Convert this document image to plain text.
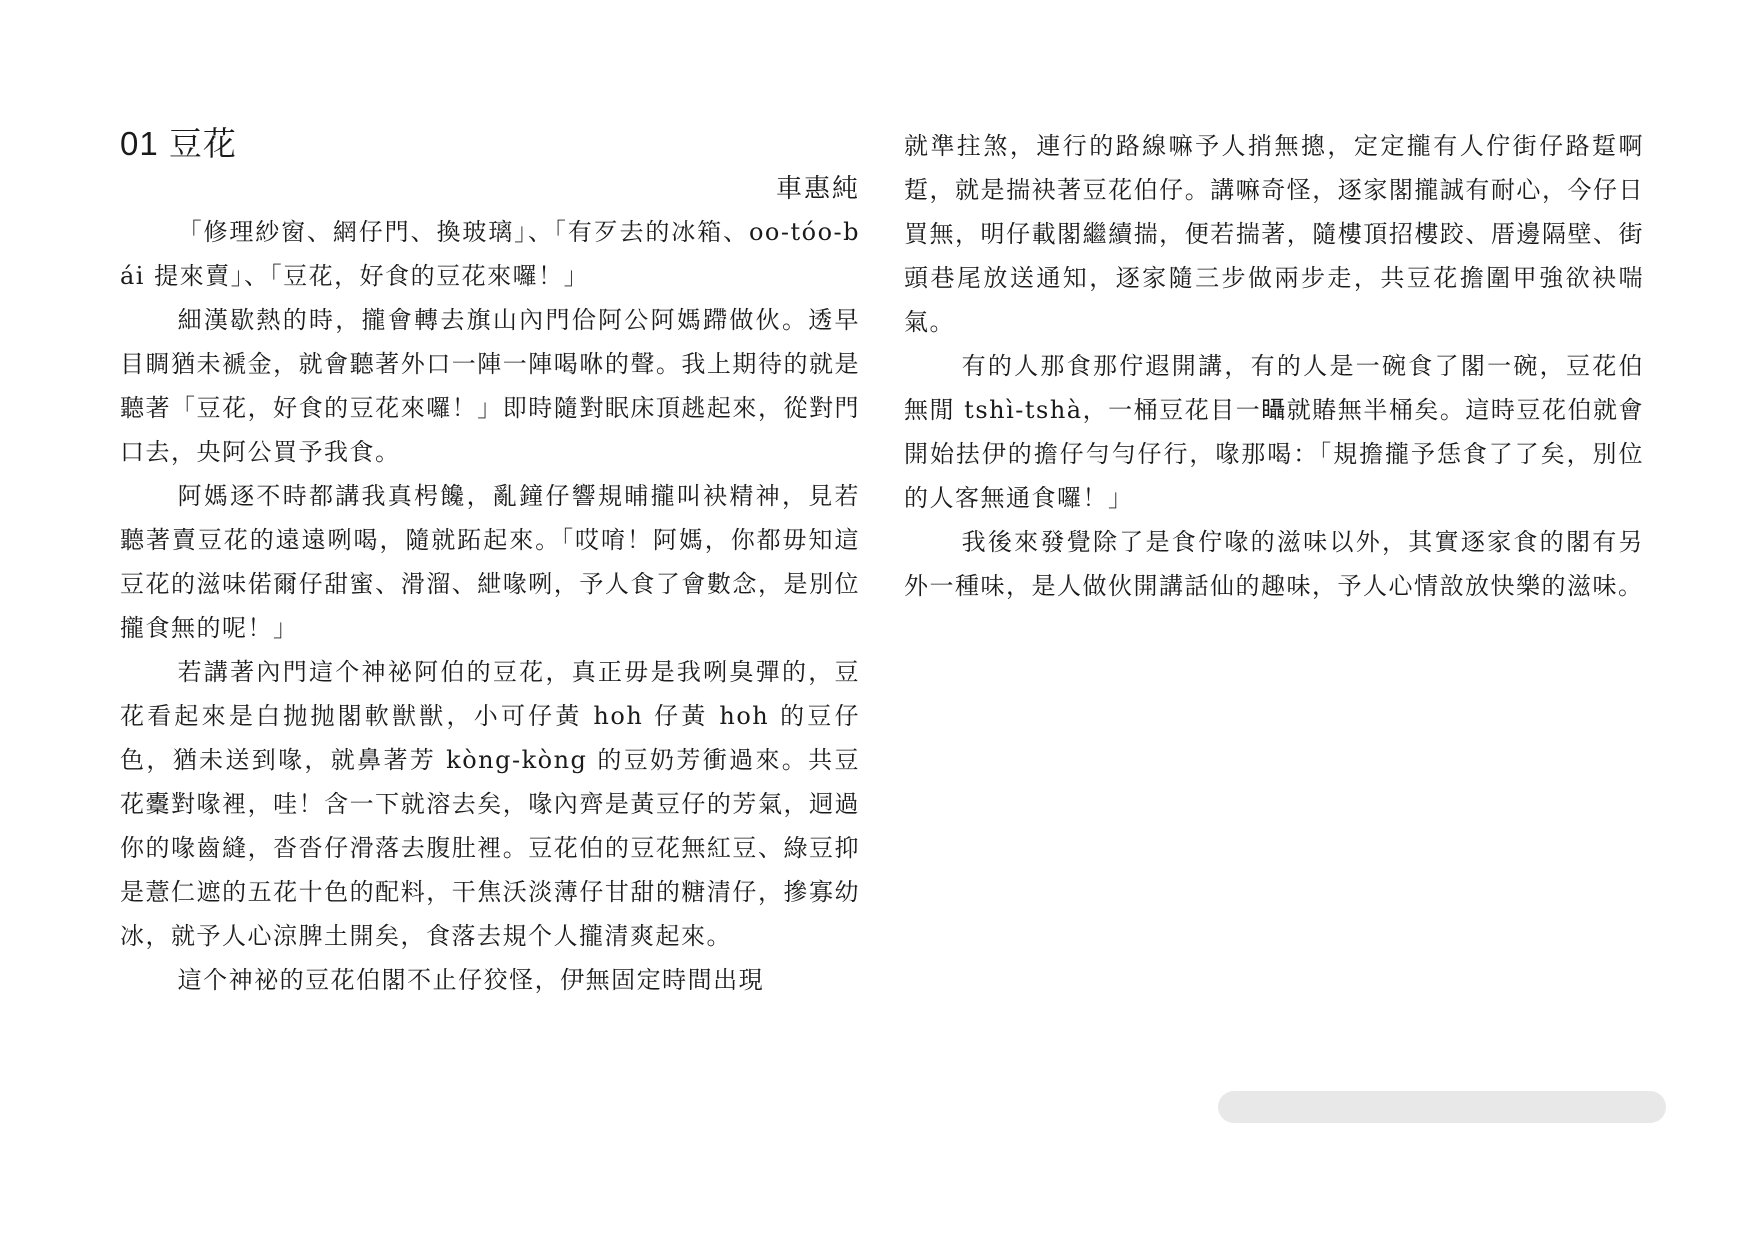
01 豆花
車惠純

「修理紗窗、網仔門、換玻璃」、「有歹去的冰箱、oo-tóo-bái 提來賣」、「豆花，好食的豆花來囉！」

細漢歇熱的時，攏會轉去旗山內門佮阿公阿媽蹛做伙。透早目睭猶未褫金，就會聽著外口一陣一陣喝咻的聲。我上期待的就是聽著「豆花，好食的豆花來囉！」即時隨對眠床頂趒起來，從對門口去，央阿公買予我食。

阿媽逐不時都講我真枵饞，亂鐘仔響規晡攏叫袂精神，見若聽著賣豆花的遠遠咧喝，隨就跖起來。「哎唷！阿媽，你都毋知這豆花的滋味偌爾仔甜蜜、滑溜、紲喙咧，予人食了會數念，是別位攏食無的呢！」

若講著內門這个神祕阿伯的豆花，真正毋是我咧臭彈的，豆花看起來是白抛抛閣軟獣獣，小可仔黃 hoh 仔黃 hoh 的豆仔色，猶未送到喙，就鼻著芳 kòng-kòng 的豆奶芳衝過來。共豆花櫜對喙裡，哇！含一下就溶去矣，喙內齊是黃豆仔的芳氣，迵過你的喙齒縫，沓沓仔滑落去腹肚裡。豆花伯的豆花無紅豆、綠豆抑是薏仁遮的五花十色的配料，干焦沃淡薄仔甘甜的糖清仔，摻寡幼冰，就予人心涼脾土開矣，食落去規个人攏清爽起來。

這个神祕的豆花伯閣不止仔狡怪，伊無固定時間出現

就準拄煞，連行的路線嘛予人捎無摠，定定攏有人佇街仔路踅啊踅，就是揣袂著豆花伯仔。講嘛奇怪，逐家閣攏誠有耐心，今仔日買無，明仔載閣繼續揣，便若揣著，隨樓頂招樓跤、厝邊隔壁、街頭巷尾放送通知，逐家隨三步做兩步走，共豆花擔圍甲強欲袂喘氣。

有的人那食那佇遐開講，有的人是一碗食了閣一碗，豆花伯無閒 tshì-tshà，一桶豆花目一𥍉就賰無半桶矣。這時豆花伯就會開始抾伊的擔仔勻勻仔行，喙那喝：「規擔攏予恁食了了矣，別位的人客無通食囉！」

我後來發覺除了是食佇喙的滋味以外，其實逐家食的閣有另外一種味，是人做伙開講話仙的趣味，予人心情敨放快樂的滋味。
